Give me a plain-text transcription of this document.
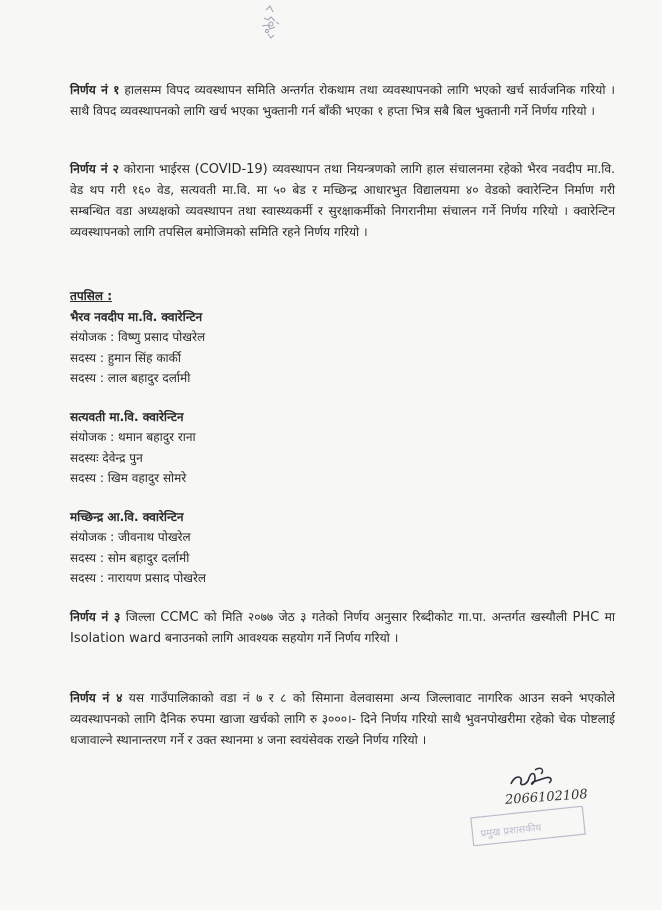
निर्णय नं १ हालसम्म विपद व्यवस्थापन समिति अन्तर्गत रोकथाम तथा व्यवस्थापनको लागि भएको खर्च सार्वजनिक गरियो । साथै विपद व्यवस्थापनको लागि खर्च भएका भुक्तानी गर्न बाँकी भएका १ हप्ता भित्र सबै बिल भुक्तानी गर्ने निर्णय गरियो ।

निर्णय नं २ कोराना भाईरस (COVID-19) व्यवस्थापन तथा नियन्त्रणको लागि हाल संचालनमा रहेको भैरव नवदीप मा.वि. वेड थप गरी १६० वेड, सत्यवती मा.वि. मा ५० बेड र मच्छिन्द्र आधारभुत विद्यालयमा ४० वेडको क्वारेन्टिन निर्माण गरी सम्बन्धित वडा अध्यक्षको व्यवस्थापन तथा स्वास्थ्यकर्मी र सुरक्षाकर्मीको निगरानीमा संचालन गर्ने निर्णय गरियो । क्वारेन्टिन व्यवस्थापनको लागि तपसिल बमोजिमको समिति रहने निर्णय गरियो ।

तपसिल :
भैरव नवदीप मा.वि. क्वारेन्टिन
संयोजक : विष्णु प्रसाद पोखरेल
सदस्य : हुमान सिंह कार्की
सदस्य : लाल बहादुर दर्लामी
सत्यवती मा.वि. क्वारेन्टिन
संयोजक : थमान बहादुर राना
सदस्यः देवेन्द्र पुन
सदस्य : खिम वहादुर सोमरे
मच्छिन्द्र आ.वि. क्वारेन्टिन
संयोजक : जीवनाथ पोखरेल
सदस्य : सोम बहादुर दर्लामी
सदस्य : नारायण प्रसाद पोखरेल

निर्णय नं ३ जिल्ला CCMC को मिति २०७७ जेठ ३ गतेको निर्णय अनुसार रिब्दीकोट गा.पा. अन्तर्गत खस्यौली PHC मा Isolation ward बनाउनको लागि आवश्यक सहयोग गर्ने निर्णय गरियो ।

निर्णय नं ४ यस गाउँपालिकाको वडा नं ७ र ८ को सिमाना वेलवासमा अन्य जिल्लावाट नागरिक आउन सक्ने भएकोले व्यवस्थापनको लागि दैनिक रुपमा खाजा खर्चको लागि रु ३०००।- दिने निर्णय गरियो साथै भुवनपोखरीमा रहेको चेक पोष्टलाई धजावाल्ने स्थानान्तरण गर्ने र उक्त स्थानमा ४ जना स्वयंसेवक राख्ने निर्णय गरियो ।

2066102108
प्रमुख प्रशासकीय
